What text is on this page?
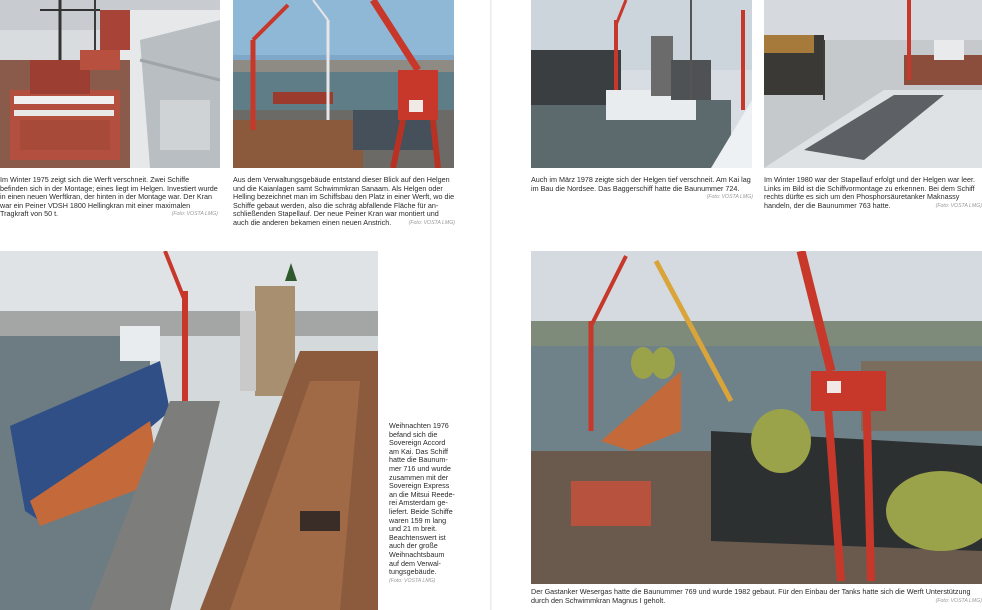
Im Winter 1975 zeigt sich die Werft verschneit. Zwei Schiffe befinden sich in der Montage; eines liegt im Helgen. Investiert wurde in einen neuen Werftkran, der hinten in der Montage war. Der Kran war ein Peiner VDSH 1800 Hellingkran mit einer maximalen Tragkraft von 50 t.	(Foto: VOSTA LMG)
Aus dem Verwaltungsgebäude entstand dieser Blick auf den Helgen und die Kaianlagen samt Schwimmkran Sanaam. Als Helgen oder Helling bezeichnet man im Schiffsbau den Platz in einer Werft, wo die Schiffe gebaut werden, also die schräg abfallende Fläche für an-schließenden Stapellauf. Der neue Peiner Kran war montiert und auch die anderen bekamen einen neuen Anstrich.	(Foto: VOSTA LMG)
Auch im März 1978 zeigte sich der Helgen tief verschneit. Am Kai lag im Bau die Nordsee. Das Baggerschiff hatte die Baunummer 724.
(Foto: VOSTA LMG)
Im Winter 1980 war der Stapellauf erfolgt und der Helgen war leer. Links im Bild ist die Schiffvormontage zu erkennen. Bei dem Schiff rechts dürfte es sich um den Phosphorsäuretanker Maknassy handeln, der die Baunummer 763 hatte.	(Foto: VOSTA LMG)
Weihnachten 1976
befand sich die
Sovereign Accord
am Kai. Das Schiff
hatte die Baunum-
mer 716 und wurde
zusammen mit der
Sovereign Express
an die Mitsui Reede-
rei Amsterdam ge-
liefert. Beide Schiffe
waren 159 m lang
und 21 m breit.
Beachtenswert ist
auch der große
Weihnachtsbaum
auf dem Verwal-
tungsgebäude.
(Foto: VOSTA LMG)
Der Gastanker Wesergas hatte die Baunummer 769 und wurde 1982 gebaut. Für den Einbau der Tanks hatte sich die Werft Unterstützung durch den Schwimmkran Magnus I geholt.	(Foto: VOSTA LMG)
